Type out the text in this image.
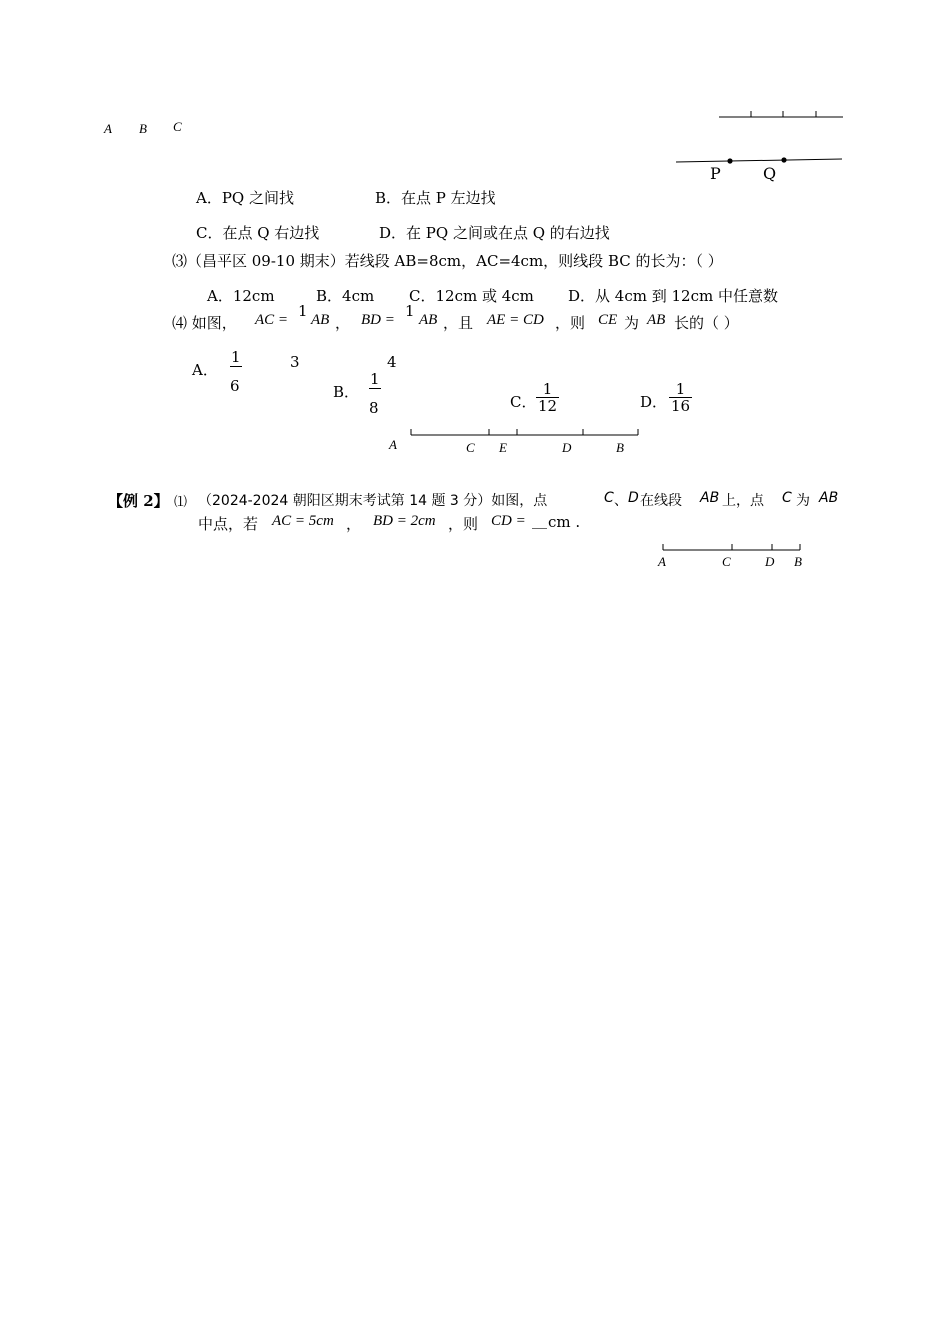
A B C
P	Q
A．PQ 之间找	B．在点 P 左边找
C．在点 Q 右边找	D．在 PQ 之间或在点 Q 的右边找
⑶（昌平区 09-10 期末）若线段 AB=8cm，AC=4cm，则线段 BC 的长为：（ ）
A．12cm	B．4cm C．12cm 或 4cm D．从 4cm 到 12cm 中任意数
⑷ 如图， AC = 1 AB ， BD = 1 AB ，且 AE = CD ，则 CE 为 AB 长的（ ）
3	4
A．
1
6	B．
1
8	C． $\frac{1}{12}$	D． $\frac{1}{16}$
A	C E	D	B
【例 2】 ⑴ （2024-2024 朝阳区期末考试第 14 题 3 分）如图，点	C 、 D 在线段 AB 上，点 C 为 AB
中点，若 AC = 5cm ， BD = 2cm ，则 CD = __ cm .
A	C	D B
